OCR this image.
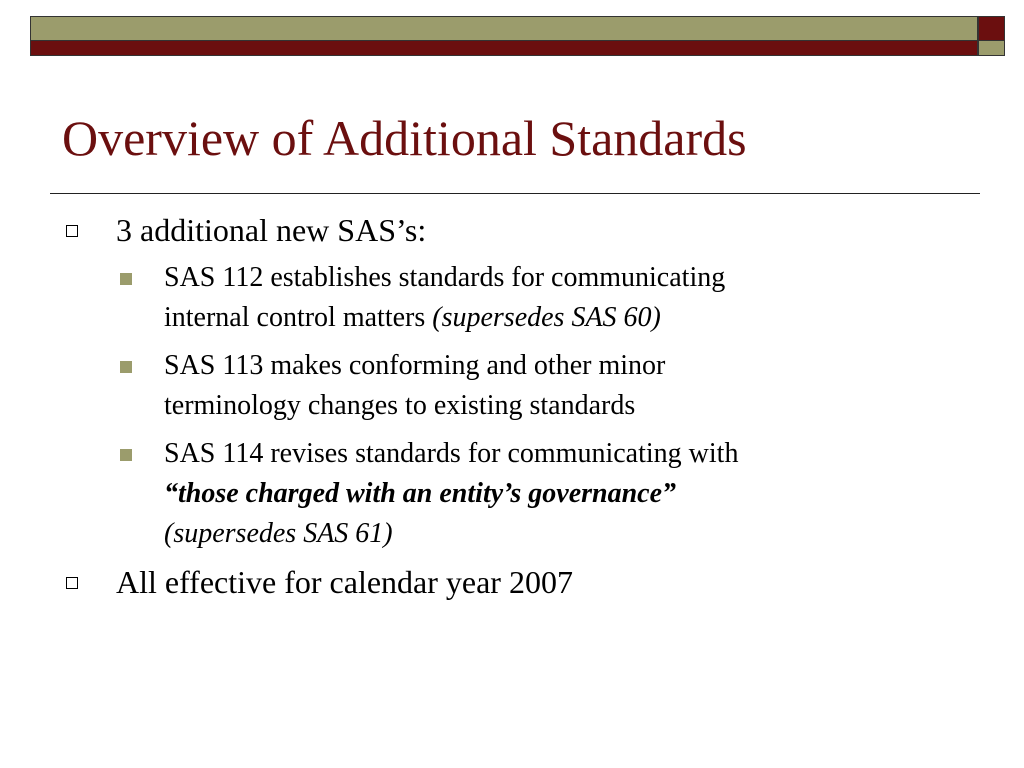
Overview of Additional Standards
3 additional new SAS’s:
SAS 112 establishes standards for communicating
internal control matters (supersedes SAS 60)
SAS 113 makes conforming and other minor
terminology changes to existing standards
SAS 114 revises standards for communicating with
“those charged with an entity’s governance”
(supersedes SAS 61)
All effective for calendar year 2007
